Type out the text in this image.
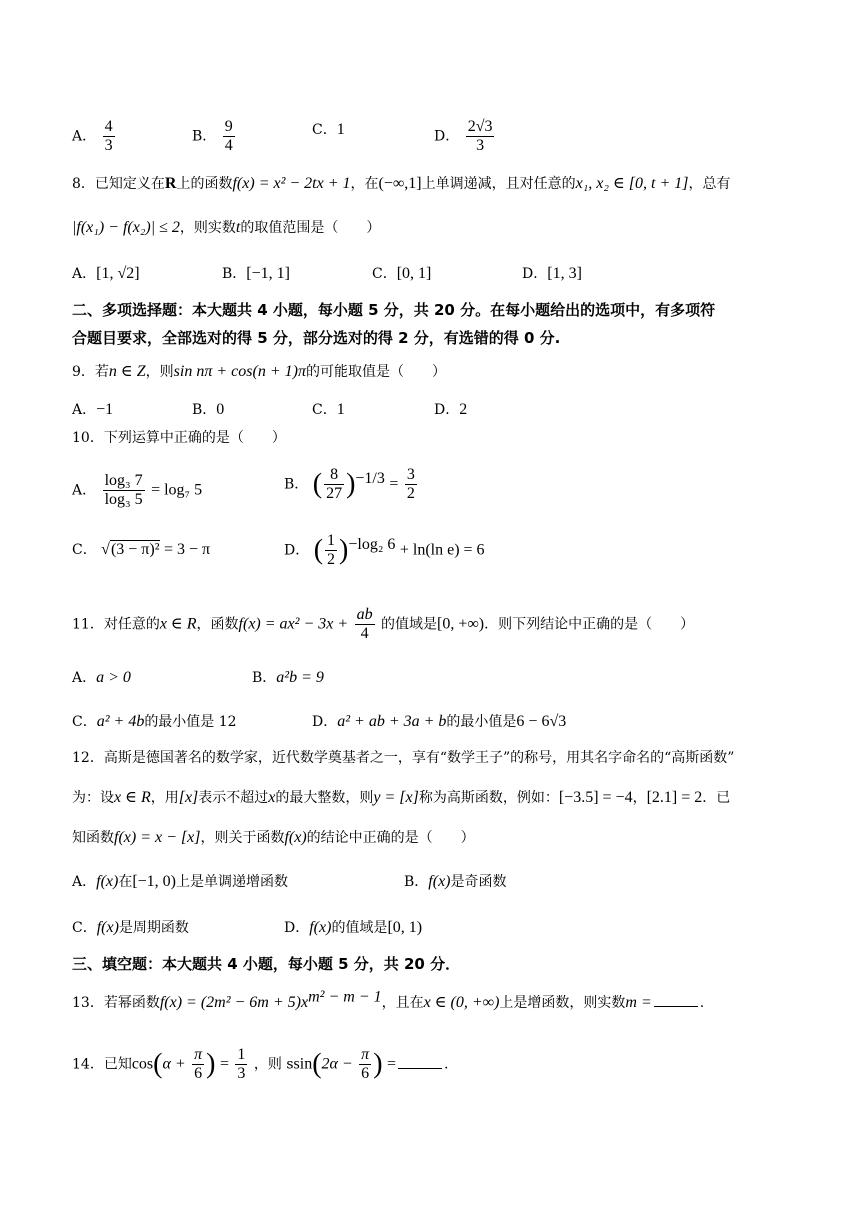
A． $\frac{4}{3}$	B． $\frac{9}{4}$	C．1	D． $\frac{2√3}{3}$
8．已知定义在R上的函数f(x) = x² − 2tx + 1，在(−∞,1]上单调递减，且对任意的x₁, x₂ ∈ [0, t + 1]，总有
|f(x₁) − f(x₂)| ≤ 2，则实数t的取值范围是（　　）
A．[1, √2]	B．[−1, 1]	C．[0, 1]	D．[1, 3]
二、多项选择题：本大题共 4 小题，每小题 5 分，共 20 分。在每小题给出的选项中，有多项符
合题目要求，全部选对的得 5 分，部分选对的得 2 分，有选错的得 0 分.
9．若n ∈ Z，则sin nπ + cos(n + 1)π的可能取值是（　　）
A．−1	B．0	C．1	D．2
10．下列运算中正确的是（　　）
A． $\frac{\text{log₃ 7}}{\text{log₃ 5}} = \log_7$ 5	B． ( $\frac{8}{27} )^{-1/3} = \frac{3}{2}$
C． √(3 − π)² = 3 − π	D． ( $\frac{1}{2} )^{-log_2 6} + \ln(\ln$ e) = 6
11．对任意的x ∈ R，函数$f(x) = ax^2 - 3x + \frac{ab}{4}$ 的值域是[0, +∞)．则下列结论中正确的是（　　）
A．a > 0	B．a²b = 9
C．a² + 4b的最小值是 12	D．a² + ab + 3a + b的最小值是6 − 6√3
12．高斯是德国著名的数学家，近代数学奠基者之一，享有“数学王子”的称号，用其名字命名的“高斯函数”
为：设x ∈ R，用[x]表示不超过x的最大整数，则y = [x]称为高斯函数，例如：[−3.5] = −4，[2.1] = 2．已
知函数f(x) = x − [x]，则关于函数f(x)的结论中正确的是（　　）
A．f(x)在[−1, 0)上是单调递增函数	B．f(x)是奇函数
C．f(x)是周期函数	D．f(x)的值域是[0, 1)
三、填空题：本大题共 4 小题，每小题 5 分，共 20 分．
13．若幂函数$f(x) = (2m^2 - 6m + 5)x^{m^2 - m - 1}$，且在x ∈ (0, +∞)上是增函数，则实数m =	.
14．已知$\cos(\alpha + \frac{\pi}{6}$ ) = $\frac{1}{3}$ ，则 $ssin(2\alpha - \frac{\pi}{6}$ ) =	.
